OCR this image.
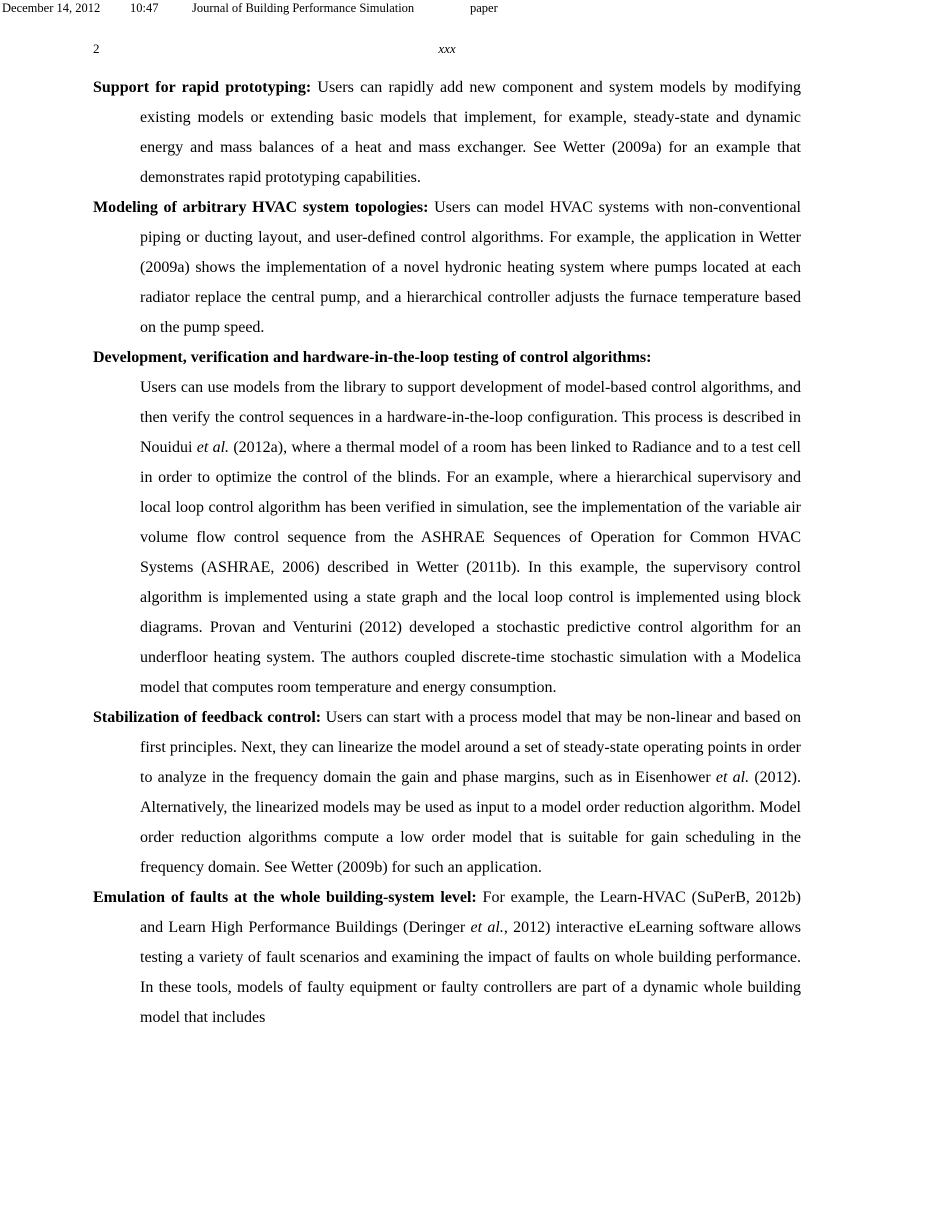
December 14, 2012 10:47	Journal of Building Performance Simulation	paper
2	xxx

Support for rapid prototyping: Users can rapidly add new component and system models by modifying existing models or extending basic models that implement, for example, steady-state and dynamic energy and mass balances of a heat and mass exchanger. See Wetter (2009a) for an example that demonstrates rapid prototyping capabilities.

Modeling of arbitrary HVAC system topologies: Users can model HVAC systems with non-conventional piping or ducting layout, and user-defined control algorithms. For example, the application in Wetter (2009a) shows the implementation of a novel hydronic heating system where pumps located at each radiator replace the central pump, and a hierarchical controller adjusts the furnace temperature based on the pump speed.

Development, verification and hardware-in-the-loop testing of control algorithms:
Users can use models from the library to support development of model-based control algorithms, and then verify the control sequences in a hardware-in-the-loop configuration. This process is described in Nouidui et al. (2012a), where a thermal model of a room has been linked to Radiance and to a test cell in order to optimize the control of the blinds. For an example, where a hierarchical supervisory and local loop control algorithm has been verified in simulation, see the implementation of the variable air volume flow control sequence from the ASHRAE Sequences of Operation for Common HVAC Systems (ASHRAE, 2006) described in Wetter (2011b). In this example, the supervisory control algorithm is implemented using a state graph and the local loop control is implemented using block diagrams. Provan and Venturini (2012) developed a stochastic predictive control algorithm for an underfloor heating system. The authors coupled discrete-time stochastic simulation with a Modelica model that computes room temperature and energy consumption.

Stabilization of feedback control: Users can start with a process model that may be non-linear and based on first principles. Next, they can linearize the model around a set of steady-state operating points in order to analyze in the frequency domain the gain and phase margins, such as in Eisenhower et al. (2012). Alternatively, the linearized models may be used as input to a model order reduction algorithm. Model order reduction algorithms compute a low order model that is suitable for gain scheduling in the frequency domain. See Wetter (2009b) for such an application.

Emulation of faults at the whole building-system level: For example, the Learn-HVAC (SuPerB, 2012b) and Learn High Performance Buildings (Deringer et al., 2012) interactive eLearning software allows testing a variety of fault scenarios and examining the impact of faults on whole building performance. In these tools, models of faulty equipment or faulty controllers are part of a dynamic whole building model that includes
